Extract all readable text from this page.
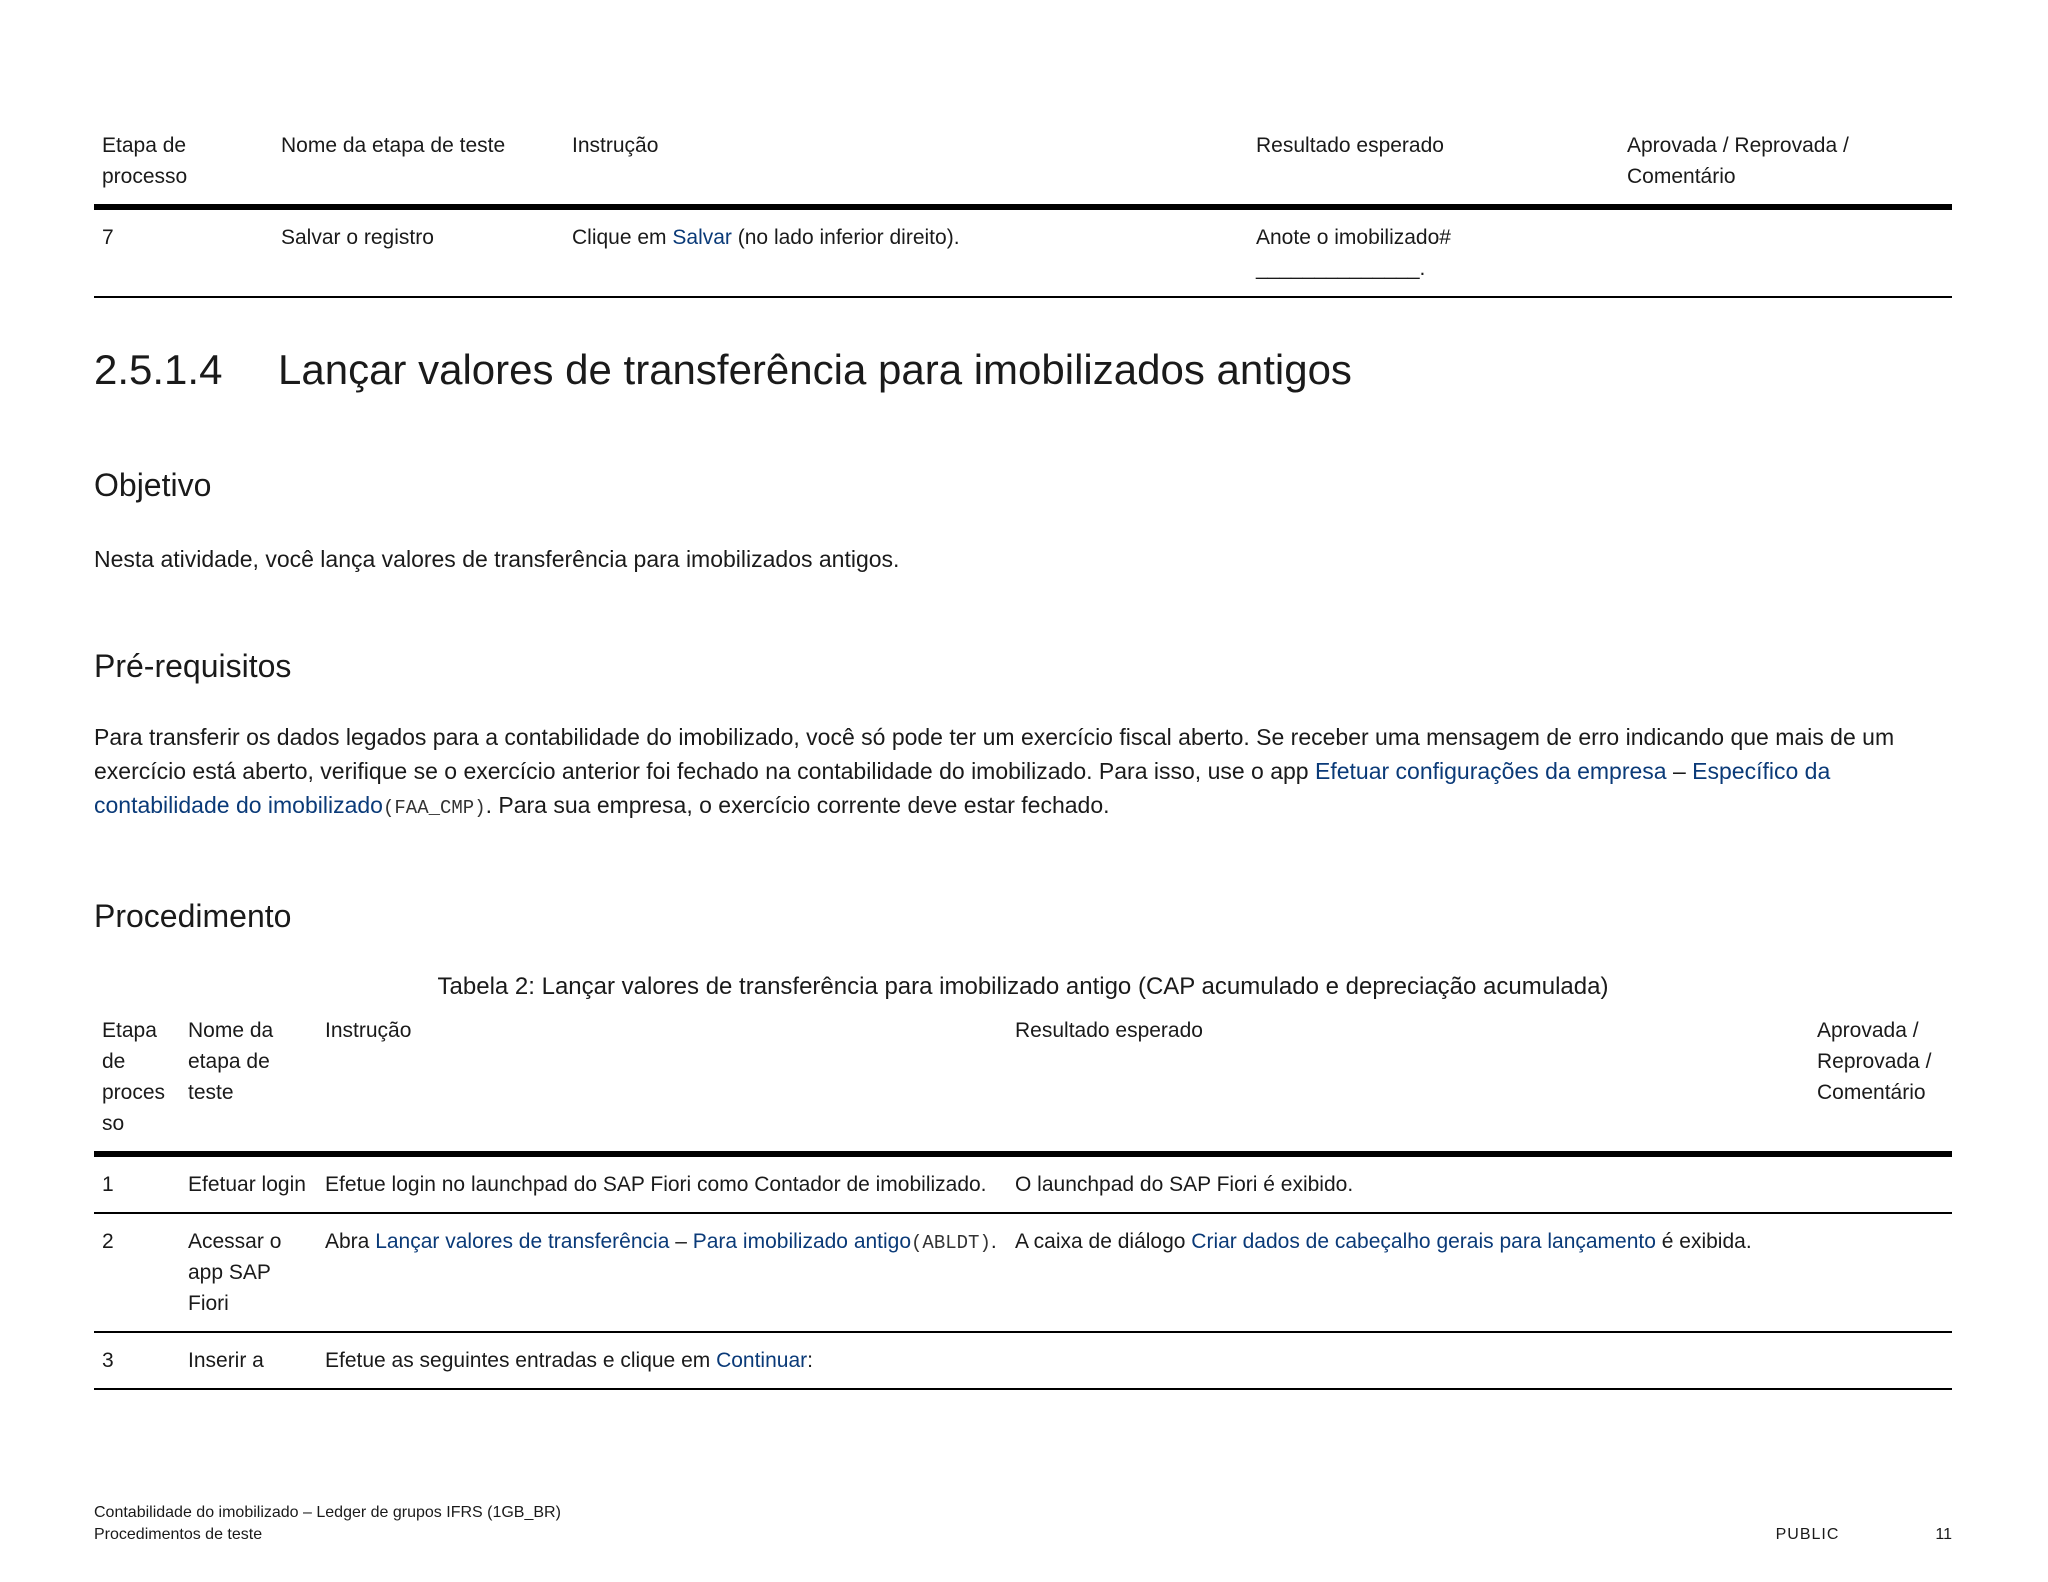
Etapa de processo	Nome da etapa de teste	Instrução	Resultado esperado	Aprovada / Reprovada / Comentário
7	Salvar o registro	Clique em Salvar (no lado inferior direito).	Anote o imobilizado# ______________.	
2.5.1.4 Lançar valores de transferência para imobilizados antigos
Objetivo
Nesta atividade, você lança valores de transferência para imobilizados antigos.
Pré-requisitos
Para transferir os dados legados para a contabilidade do imobilizado, você só pode ter um exercício fiscal aberto. Se receber uma mensagem de erro indicando que mais de um exercício está aberto, verifique se o exercício anterior foi fechado na contabilidade do imobilizado. Para isso, use o app Efetuar configurações da empresa – Específico da contabilidade do imobilizado(FAA_CMP). Para sua empresa, o exercício corrente deve estar fechado.
Procedimento
Tabela 2: Lançar valores de transferência para imobilizado antigo (CAP acumulado e depreciação acumulada)
Etapa de proces so	Nome da etapa de teste	Instrução	Resultado esperado	Aprovada / Reprovada / Comentário
1	Efetuar login	Efetue login no launchpad do SAP Fiori como Contador de imobilizado.	O launchpad do SAP Fiori é exibido.	
2	Acessar o app SAP Fiori	Abra Lançar valores de transferência – Para imobilizado antigo(ABLDT).	A caixa de diálogo Criar dados de cabeçalho gerais para lançamento é exibida.	
3	Inserir a	Efetue as seguintes entradas e clique em Continuar:		
Contabilidade do imobilizado – Ledger de grupos IFRS (1GB_BR)
Procedimentos de teste	PUBLIC	11
